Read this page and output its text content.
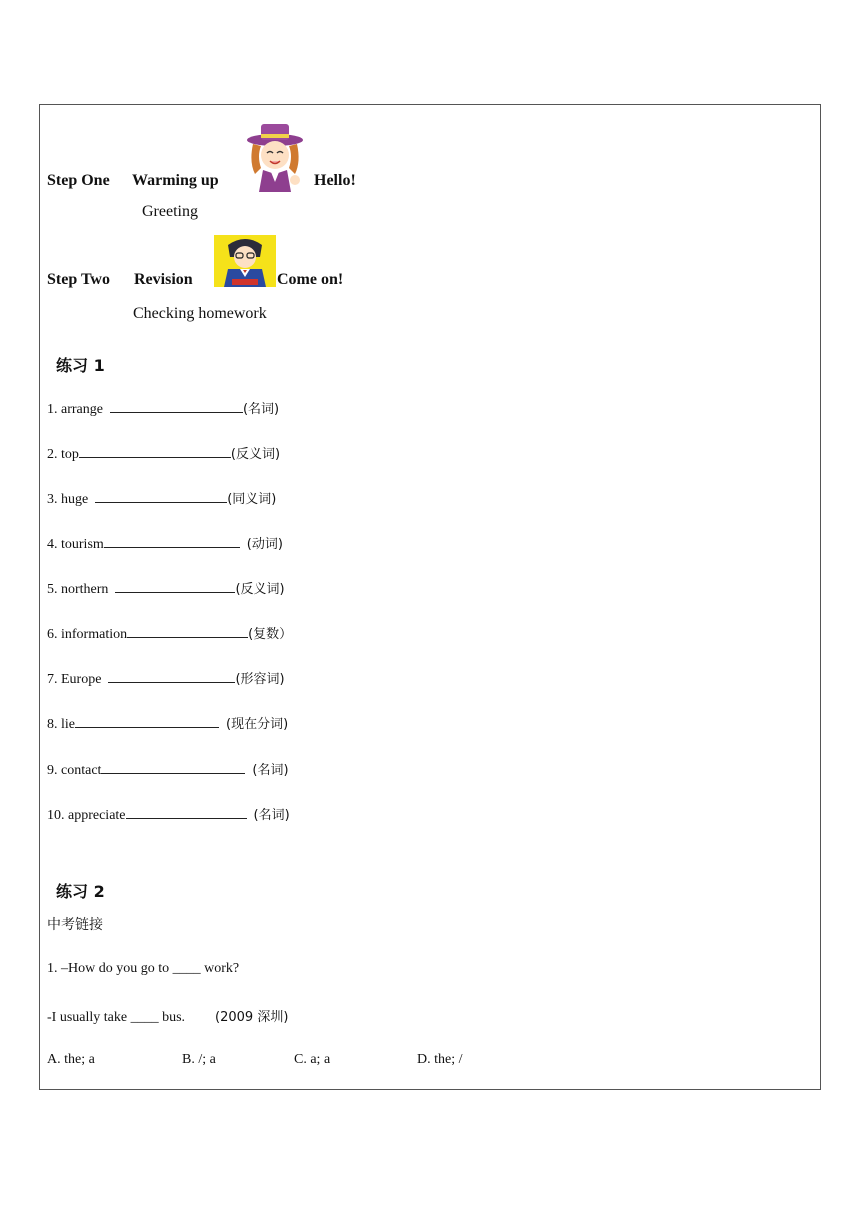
Step One Warming up	Hello!
Greeting
Step Two Revision	Come on!
Checking homework
练习 1
1. arrange	(名词)
2. top	(反义词)
3. huge	(同义词)
4. tourism	(动词)
5. northern	(反义词)
6. information	(复数）
7. Europe	(形容词)
8. lie	(现在分词)
9. contact	(名词)
10. appreciate	(名词)
练习 2
中考链接
1. –How do you go to ____ work?
-I usually take ____ bus. (2009 深圳)
A. the; a	B. /; a	C. a; a	D. the; /
